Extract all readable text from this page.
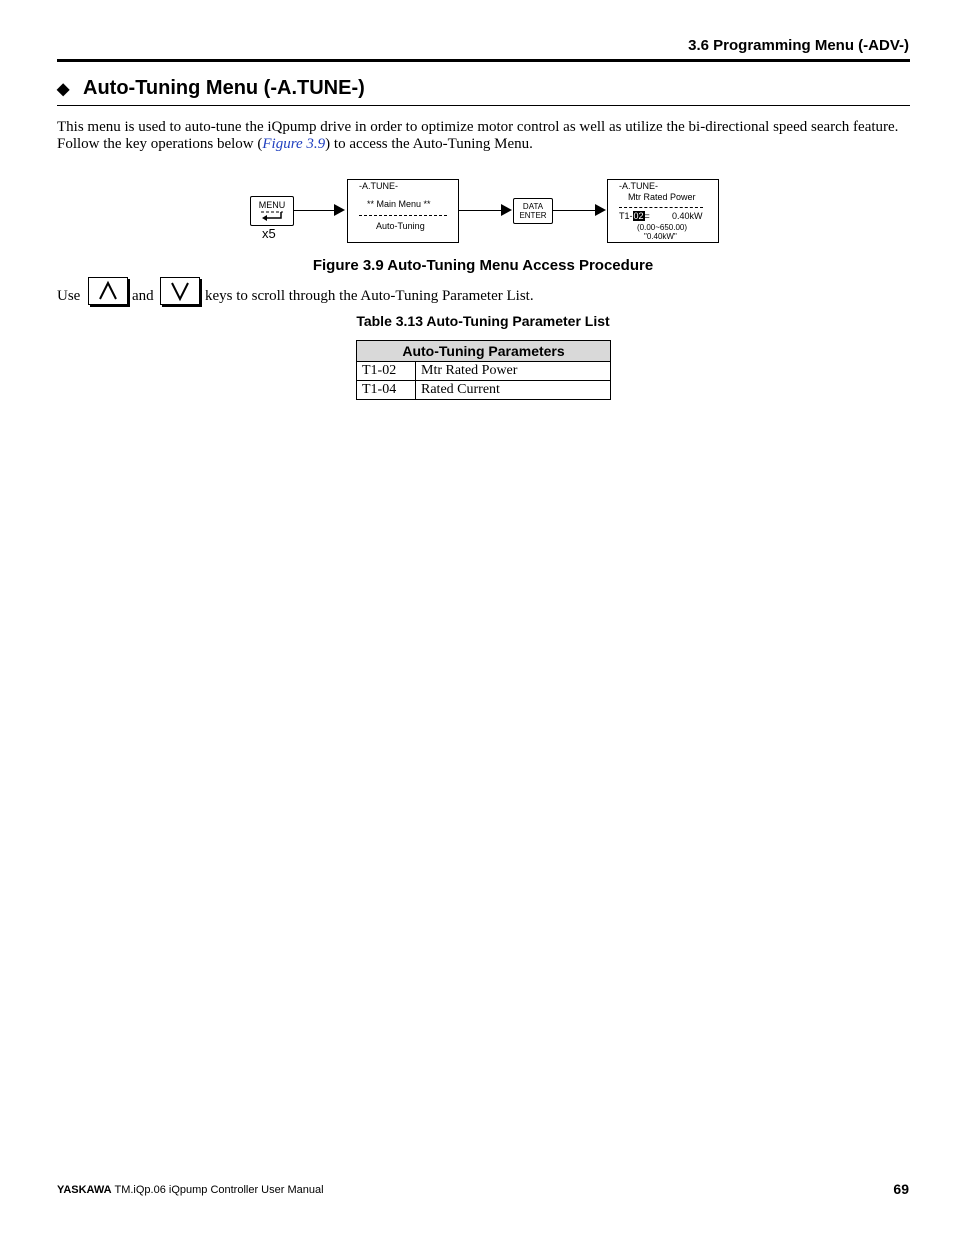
3.6 Programming Menu (-ADV-)
◆ Auto-Tuning Menu (-A.TUNE-)
This menu is used to auto-tune the iQpump drive in order to optimize motor control as well as utilize the bi-directional speed search feature. Follow the key operations below (Figure 3.9) to access the Auto-Tuning Menu.
MENU
x5
-A.TUNE-
** Main Menu **
Auto-Tuning
DATA
ENTER
-A.TUNE-
Mtr Rated Power
T1-02= 0.40kW
(0.00~650.00)
"0.40kW"
Figure 3.9 Auto-Tuning Menu Access Procedure
Use	and	keys to scroll through the Auto-Tuning Parameter List.
Table 3.13 Auto-Tuning Parameter List
Auto-Tuning Parameters	
T1-02	Mtr Rated Power
T1-04	Rated Current
YASKAWA TM.iQp.06 iQpump Controller User Manual	69
